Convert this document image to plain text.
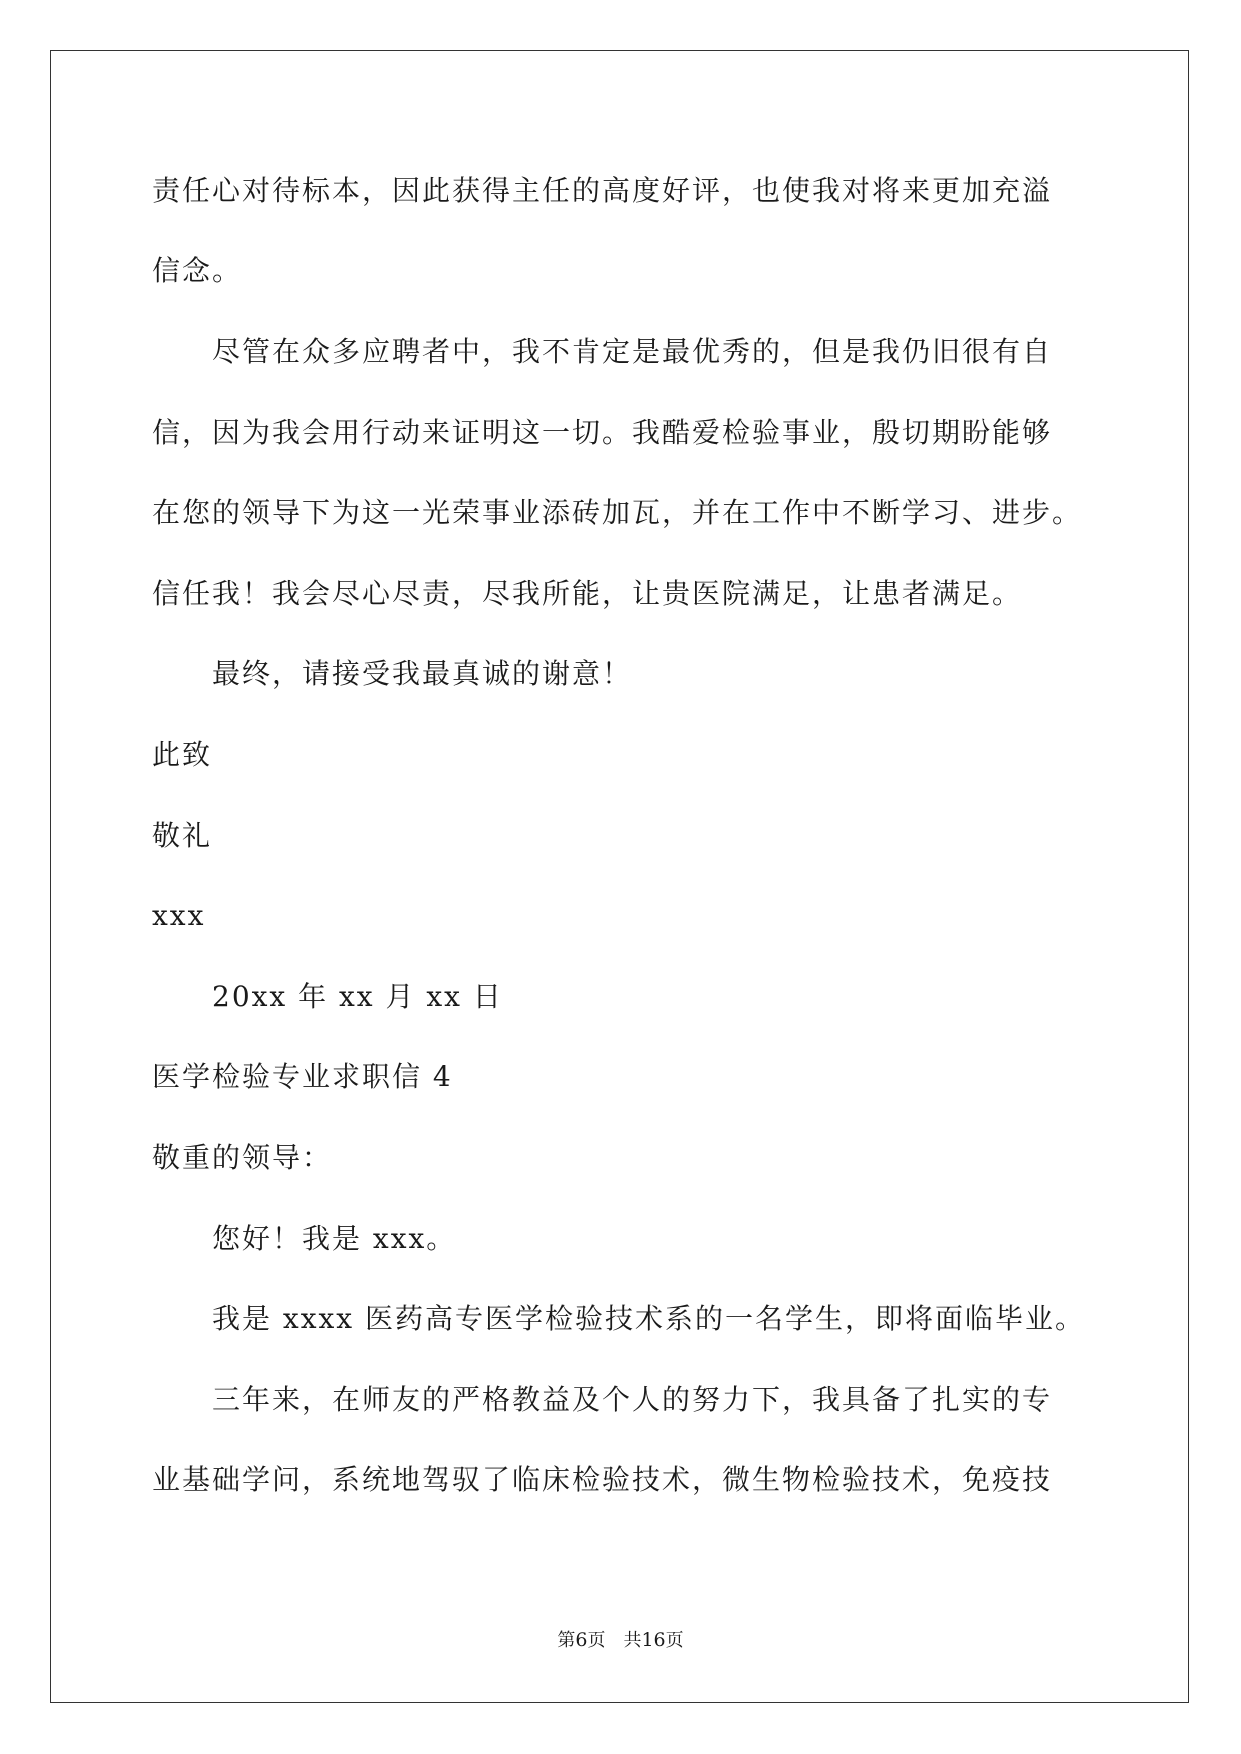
责任心对待标本，因此获得主任的高度好评，也使我对将来更加充溢
信念。
尽管在众多应聘者中，我不肯定是最优秀的，但是我仍旧很有自
信，因为我会用行动来证明这一切。我酷爱检验事业，殷切期盼能够
在您的领导下为这一光荣事业添砖加瓦，并在工作中不断学习、进步。
信任我！我会尽心尽责，尽我所能，让贵医院满足，让患者满足。
最终，请接受我最真诚的谢意！
此致
敬礼
xxx
20xx 年 xx 月 xx 日
医学检验专业求职信 4
敬重的领导：
您好！我是 xxx。
我是 xxxx 医药高专医学检验技术系的一名学生，即将面临毕业。
三年来，在师友的严格教益及个人的努力下，我具备了扎实的专
业基础学问，系统地驾驭了临床检验技术，微生物检验技术，免疫技
第6页　共16页
